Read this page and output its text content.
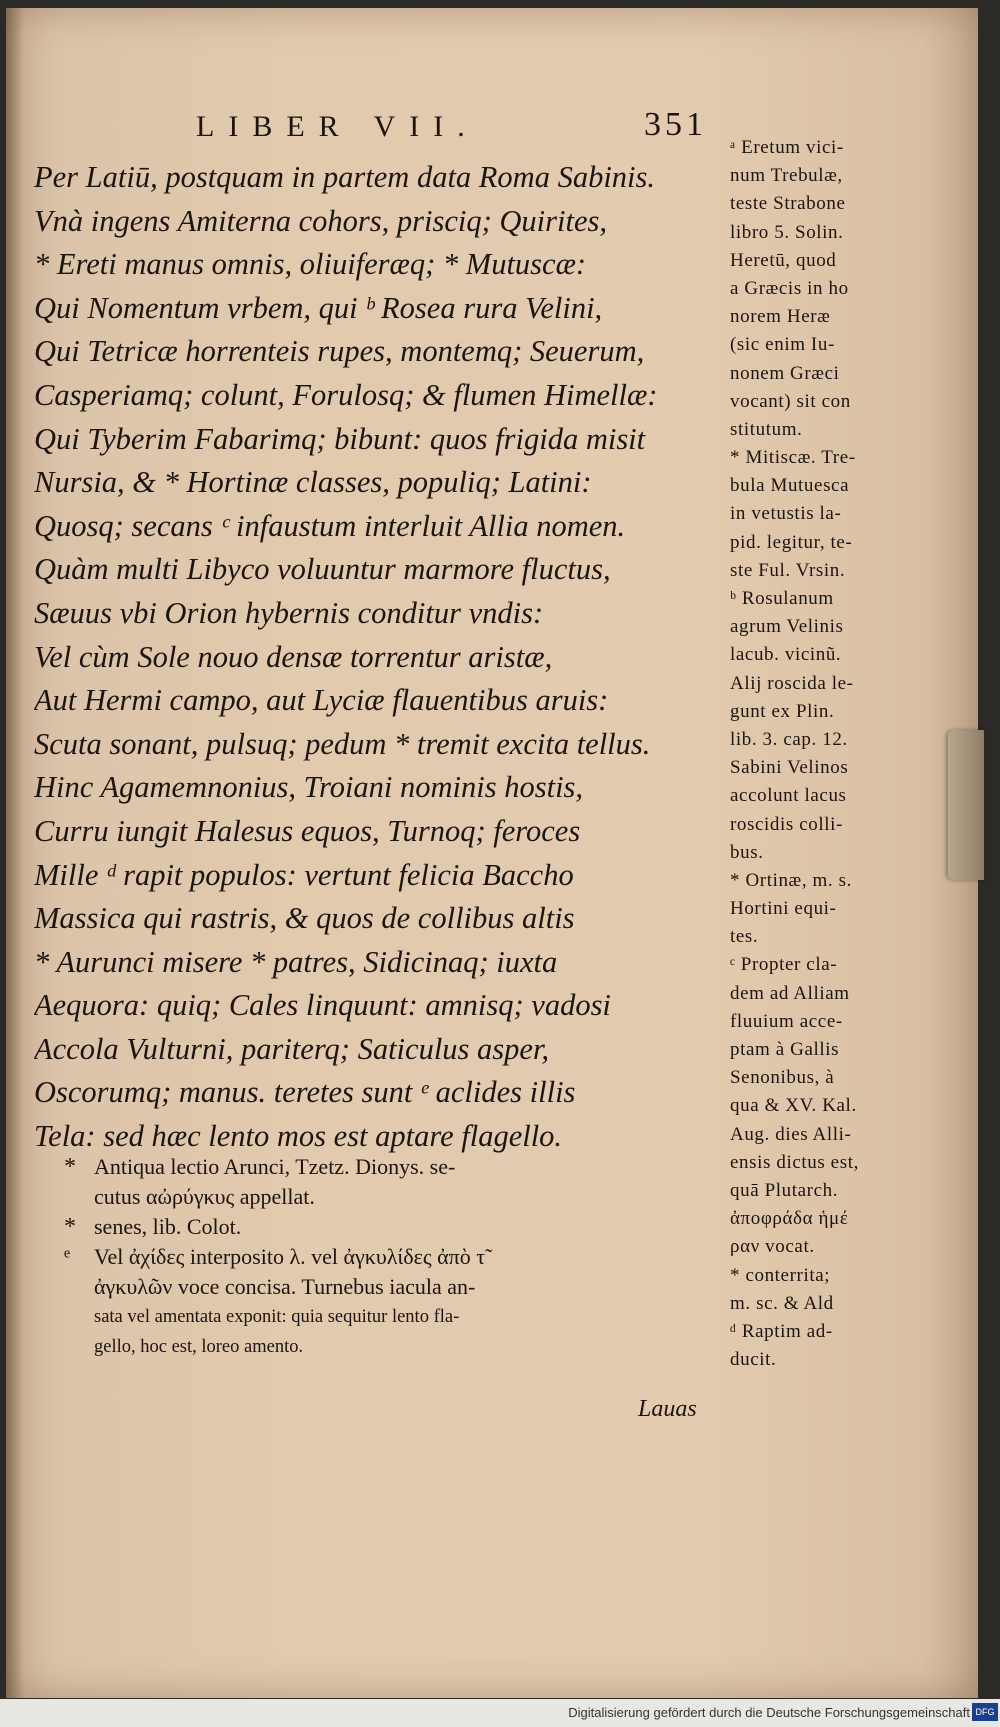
LIBER VII.	351
Per Latiū, postquam in partem data Roma Sabinis.
Vnà ingens Amiterna cohors, prisciq; Quirites,
* Ereti manus omnis, oliuiferæq; * Mutuscæ:
Qui Nomentum vrbem, qui ᵇ Rosea rura Velini,
Qui Tetricæ horrenteis rupes, montemq; Seuerum,
Casperiamq; colunt, Forulosq; & flumen Himellæ:
Qui Tyberim Fabarimq; bibunt: quos frigida misit
Nursia, & * Hortinæ classes, populiq; Latini:
Quosq; secans ᶜ infaustum interluit Allia nomen.
Quàm multi Libyco voluuntur marmore fluctus,
Sæuus vbi Orion hybernis conditur vndis:
Vel cùm Sole nouo densæ torrentur aristæ,
Aut Hermi campo, aut Lyciæ flauentibus aruis:
Scuta sonant, pulsuq; pedum * tremit excita tellus.
Hinc Agamemnonius, Troiani nominis hostis,
Curru iungit Halesus equos, Turnoq; feroces
Mille ᵈ rapit populos: vertunt felicia Baccho
Massica qui rastris, & quos de collibus altis
* Aurunci misere * patres, Sidicinaq; iuxta
Aequora: quiq; Cales linquunt: amnisq; vadosi
Accola Vulturni, pariterq; Saticulus asper,
Oscorumq; manus. teretes sunt ᵉ aclides illis
Tela: sed hæc lento mos est aptare flagello.
* Antiqua lectio Arunci, Tzetz. Dionys. se-
cutus αὠρύγκυς appellat.
* senes, lib. Colot.
ᵉ Vel ἀχίδες interposito λ. vel ἀγκυλίδες ἀπὸ τ̃
ἀγκυλῶν voce concisa. Turnebus iacula an-
sata vel amentata exponit: quia sequitur lento fla-
gello, hoc est, loreo amento.
Lauas
ᵃ Eretum vici-
num Trebulæ,
teste Strabone
libro 5. Solin.
Heretū, quod
a Græcis in ho
norem Heræ
(sic enim Iu-
nonem Græci
vocant) sit con
stitutum.
* Mitiscæ. Tre-
bula Mutuesca
in vetustis la-
pid. legitur, te-
ste Ful. Vrsin.
ᵇ Rosulanum
agrum Velinis
lacub. vicinũ.
Alij roscida le-
gunt ex Plin.
lib. 3. cap. 12.
Sabini Velinos
accolunt lacus
roscidis colli-
bus.
* Ortinæ, m. s.
Hortini equi-
tes.
ᶜ Propter cla-
dem ad Alliam
fluuium acce-
ptam à Gallis
Senonibus, à
qua & XV. Kal.
Aug. dies Alli-
ensis dictus est,
quā Plutarch.
ἀποφράδα ἡμέ
ραν vocat.
* conterrita;
m. sc. & Ald
ᵈ Raptim ad-
ducit.
Digitalisierung gefördert durch die Deutsche Forschungsgemeinschaft DFG
